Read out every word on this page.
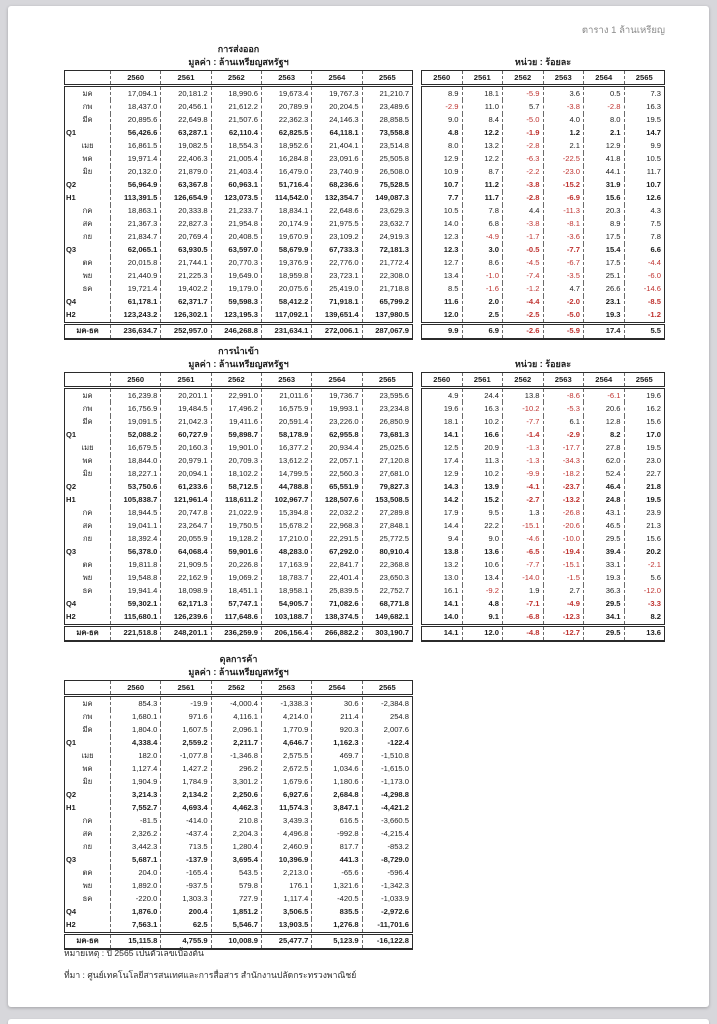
ตาราง 1 ล้านเหรียญ
การส่งออก
มูลค่า : ล้านเหรียญสหรัฐฯ	หน่วย : ร้อยละ
	2560	2561	2562	2563	2564	2565
มค	17,094.1	20,181.2	18,990.6	19,673.4	19,767.3	21,210.7
กพ	18,437.0	20,456.1	21,612.2	20,789.9	20,204.5	23,489.6
มีค	20,895.6	22,649.8	21,507.6	22,362.3	24,146.3	28,858.5
Q1	56,426.6	63,287.1	62,110.4	62,825.5	64,118.1	73,558.8
เมย	16,861.5	19,082.5	18,554.3	18,952.6	21,404.1	23,514.8
พค	19,971.4	22,406.3	21,005.4	16,284.8	23,091.6	25,505.8
มิย	20,132.0	21,879.0	21,403.4	16,479.0	23,740.9	26,508.0
Q2	56,964.9	63,367.8	60,963.1	51,716.4	68,236.6	75,528.5
H1	113,391.5	126,654.9	123,073.5	114,542.0	132,354.7	149,087.3
กค	18,863.1	20,333.8	21,233.7	18,834.1	22,648.6	23,629.3
สค	21,367.3	22,827.3	21,954.8	20,174.9	21,975.5	23,632.7
กย	21,834.7	20,769.4	20,408.5	19,670.9	23,109.2	24,919.3
Q3	62,065.1	63,930.5	63,597.0	58,679.9	67,733.3	72,181.3
ตค	20,015.8	21,744.1	20,770.3	19,376.9	22,776.0	21,772.4
พย	21,440.9	21,225.3	19,649.0	18,959.8	23,723.1	22,308.0
ธค	19,721.4	19,402.2	19,179.0	20,075.6	25,419.0	21,718.8
Q4	61,178.1	62,371.7	59,598.3	58,412.2	71,918.1	65,799.2
H2	123,243.2	126,302.1	123,195.3	117,092.1	139,651.4	137,980.5
มค-ธค	236,634.7	252,957.0	246,268.8	231,634.1	272,006.1	287,067.9
2560	2561	2562	2563	2564	2565
8.9	18.1	-5.9	3.6	0.5	7.3
-2.9	11.0	5.7	-3.8	-2.8	16.3
9.0	8.4	-5.0	4.0	8.0	19.5
4.8	12.2	-1.9	1.2	2.1	14.7
8.0	13.2	-2.8	2.1	12.9	9.9
12.9	12.2	-6.3	-22.5	41.8	10.5
10.9	8.7	-2.2	-23.0	44.1	11.7
10.7	11.2	-3.8	-15.2	31.9	10.7
7.7	11.7	-2.8	-6.9	15.6	12.6
10.5	7.8	4.4	-11.3	20.3	4.3
14.0	6.8	-3.8	-8.1	8.9	7.5
12.3	-4.9	-1.7	-3.6	17.5	7.8
12.3	3.0	-0.5	-7.7	15.4	6.6
12.7	8.6	-4.5	-6.7	17.5	-4.4
13.4	-1.0	-7.4	-3.5	25.1	-6.0
8.5	-1.6	-1.2	4.7	26.6	-14.6
11.6	2.0	-4.4	-2.0	23.1	-8.5
12.0	2.5	-2.5	-5.0	19.3	-1.2
9.9	6.9	-2.6	-5.9	17.4	5.5
การนำเข้า
มูลค่า : ล้านเหรียญสหรัฐฯ	หน่วย : ร้อยละ
	2560	2561	2562	2563	2564	2565
มค	16,239.8	20,201.1	22,991.0	21,011.6	19,736.7	23,595.6
กพ	16,756.9	19,484.5	17,496.2	16,575.9	19,993.1	23,234.8
มีค	19,091.5	21,042.3	19,411.6	20,591.4	23,226.0	26,850.9
Q1	52,088.2	60,727.9	59,898.7	58,178.9	62,955.8	73,681.3
เมย	16,679.5	20,160.3	19,901.0	16,377.2	20,934.4	25,025.6
พค	18,844.0	20,979.1	20,709.3	13,612.2	22,057.1	27,120.8
มิย	18,227.1	20,094.1	18,102.2	14,799.5	22,560.3	27,681.0
Q2	53,750.6	61,233.6	58,712.5	44,788.8	65,551.9	79,827.3
H1	105,838.7	121,961.4	118,611.2	102,967.7	128,507.6	153,508.5
กค	18,944.5	20,747.8	21,022.9	15,394.8	22,032.2	27,289.8
สค	19,041.1	23,264.7	19,750.5	15,678.2	22,968.3	27,848.1
กย	18,392.4	20,055.9	19,128.2	17,210.0	22,291.5	25,772.5
Q3	56,378.0	64,068.4	59,901.6	48,283.0	67,292.0	80,910.4
ตค	19,811.8	21,909.5	20,226.8	17,163.9	22,841.7	22,368.8
พย	19,548.8	22,162.9	19,069.2	18,783.7	22,401.4	23,650.3
ธค	19,941.4	18,098.9	18,451.1	18,958.1	25,839.5	22,752.7
Q4	59,302.1	62,171.3	57,747.1	54,905.7	71,082.6	68,771.8
H2	115,680.1	126,239.6	117,648.6	103,188.7	138,374.5	149,682.1
มค-ธค	221,518.8	248,201.1	236,259.9	206,156.4	266,882.2	303,190.7
2560	2561	2562	2563	2564	2565
4.9	24.4	13.8	-8.6	-6.1	19.6
19.6	16.3	-10.2	-5.3	20.6	16.2
18.1	10.2	-7.7	6.1	12.8	15.6
14.1	16.6	-1.4	-2.9	8.2	17.0
12.5	20.9	-1.3	-17.7	27.8	19.5
17.4	11.3	-1.3	-34.3	62.0	23.0
12.9	10.2	-9.9	-18.2	52.4	22.7
14.3	13.9	-4.1	-23.7	46.4	21.8
14.2	15.2	-2.7	-13.2	24.8	19.5
17.9	9.5	1.3	-26.8	43.1	23.9
14.4	22.2	-15.1	-20.6	46.5	21.3
9.4	9.0	-4.6	-10.0	29.5	15.6
13.8	13.6	-6.5	-19.4	39.4	20.2
13.2	10.6	-7.7	-15.1	33.1	-2.1
13.0	13.4	-14.0	-1.5	19.3	5.6
16.1	-9.2	1.9	2.7	36.3	-12.0
14.1	4.8	-7.1	-4.9	29.5	-3.3
14.0	9.1	-6.8	-12.3	34.1	8.2
14.1	12.0	-4.8	-12.7	29.5	13.6
ดุลการค้า
มูลค่า : ล้านเหรียญสหรัฐฯ
	2560	2561	2562	2563	2564	2565
มค	854.3	-19.9	-4,000.4	-1,338.3	30.6	-2,384.8
กพ	1,680.1	971.6	4,116.1	4,214.0	211.4	254.8
มีค	1,804.0	1,607.5	2,096.1	1,770.9	920.3	2,007.6
Q1	4,338.4	2,559.2	2,211.7	4,646.7	1,162.3	-122.4
เมย	182.0	-1,077.8	-1,346.8	2,575.5	469.7	-1,510.8
พค	1,127.4	1,427.2	296.2	2,672.5	1,034.6	-1,615.0
มิย	1,904.9	1,784.9	3,301.2	1,679.6	1,180.6	-1,173.0
Q2	3,214.3	2,134.2	2,250.6	6,927.6	2,684.8	-4,298.8
H1	7,552.7	4,693.4	4,462.3	11,574.3	3,847.1	-4,421.2
กค	-81.5	-414.0	210.8	3,439.3	616.5	-3,660.5
สค	2,326.2	-437.4	2,204.3	4,496.8	-992.8	-4,215.4
กย	3,442.3	713.5	1,280.4	2,460.9	817.7	-853.2
Q3	5,687.1	-137.9	3,695.4	10,396.9	441.3	-8,729.0
ตค	204.0	-165.4	543.5	2,213.0	-65.6	-596.4
พย	1,892.0	-937.5	579.8	176.1	1,321.6	-1,342.3
ธค	-220.0	1,303.3	727.9	1,117.4	-420.5	-1,033.9
Q4	1,876.0	200.4	1,851.2	3,506.5	835.5	-2,972.6
H2	7,563.1	62.5	5,546.7	13,903.5	1,276.8	-11,701.6
มค-ธค	15,115.8	4,755.9	10,008.9	25,477.7	5,123.9	-16,122.8
หมายเหตุ : ปี 2565 เป็นตัวเลขเบื้องต้น
ที่มา : ศูนย์เทคโนโลยีสารสนเทศและการสื่อสาร สำนักงานปลัดกระทรวงพาณิชย์
